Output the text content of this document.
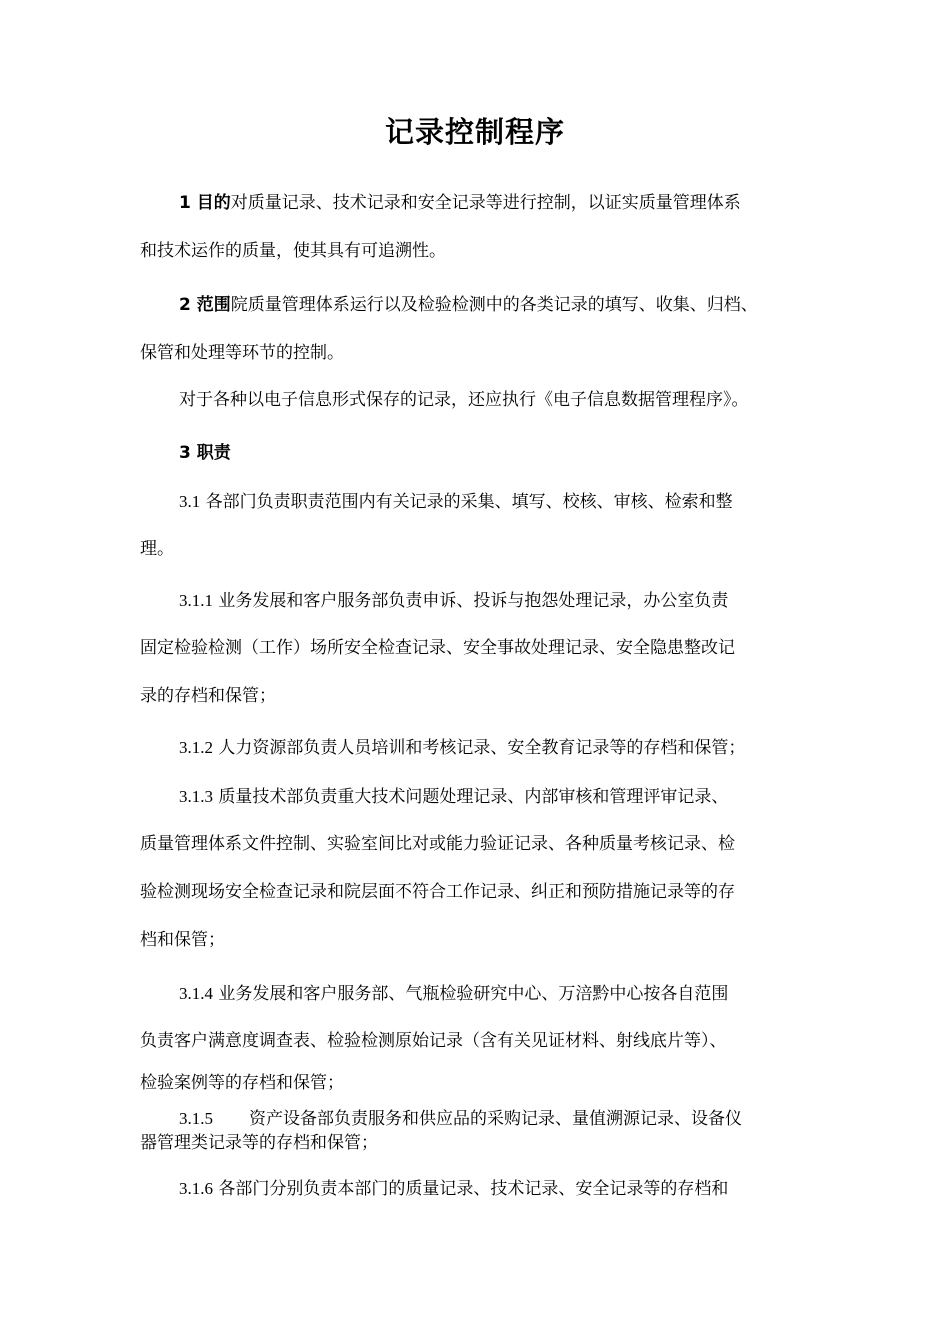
记录控制程序
1 目的对质量记录、技术记录和安全记录等进行控制，以证实质量管理体系
和技术运作的质量，使其具有可追溯性。
2 范围院质量管理体系运行以及检验检测中的各类记录的填写、收集、归档、
保管和处理等环节的控制。
对于各种以电子信息形式保存的记录，还应执行《电子信息数据管理程序》。
3 职责
3.1 各部门负责职责范围内有关记录的采集、填写、校核、审核、检索和整
理。
3.1.1 业务发展和客户服务部负责申诉、投诉与抱怨处理记录，办公室负责
固定检验检测（工作）场所安全检查记录、安全事故处理记录、安全隐患整改记
录的存档和保管；
3.1.2 人力资源部负责人员培训和考核记录、安全教育记录等的存档和保管；
3.1.3 质量技术部负责重大技术问题处理记录、内部审核和管理评审记录、
质量管理体系文件控制、实验室间比对或能力验证记录、各种质量考核记录、检
验检测现场安全检查记录和院层面不符合工作记录、纠正和预防措施记录等的存
档和保管；
3.1.4 业务发展和客户服务部、气瓶检验研究中心、万涪黔中心按各自范围
负责客户满意度调查表、检验检测原始记录（含有关见证材料、射线底片等）、
检验案例等的存档和保管；
3.1.5 资产设备部负责服务和供应品的采购记录、量值溯源记录、设备仪
器管理类记录等的存档和保管；
3.1.6 各部门分别负责本部门的质量记录、技术记录、安全记录等的存档和
